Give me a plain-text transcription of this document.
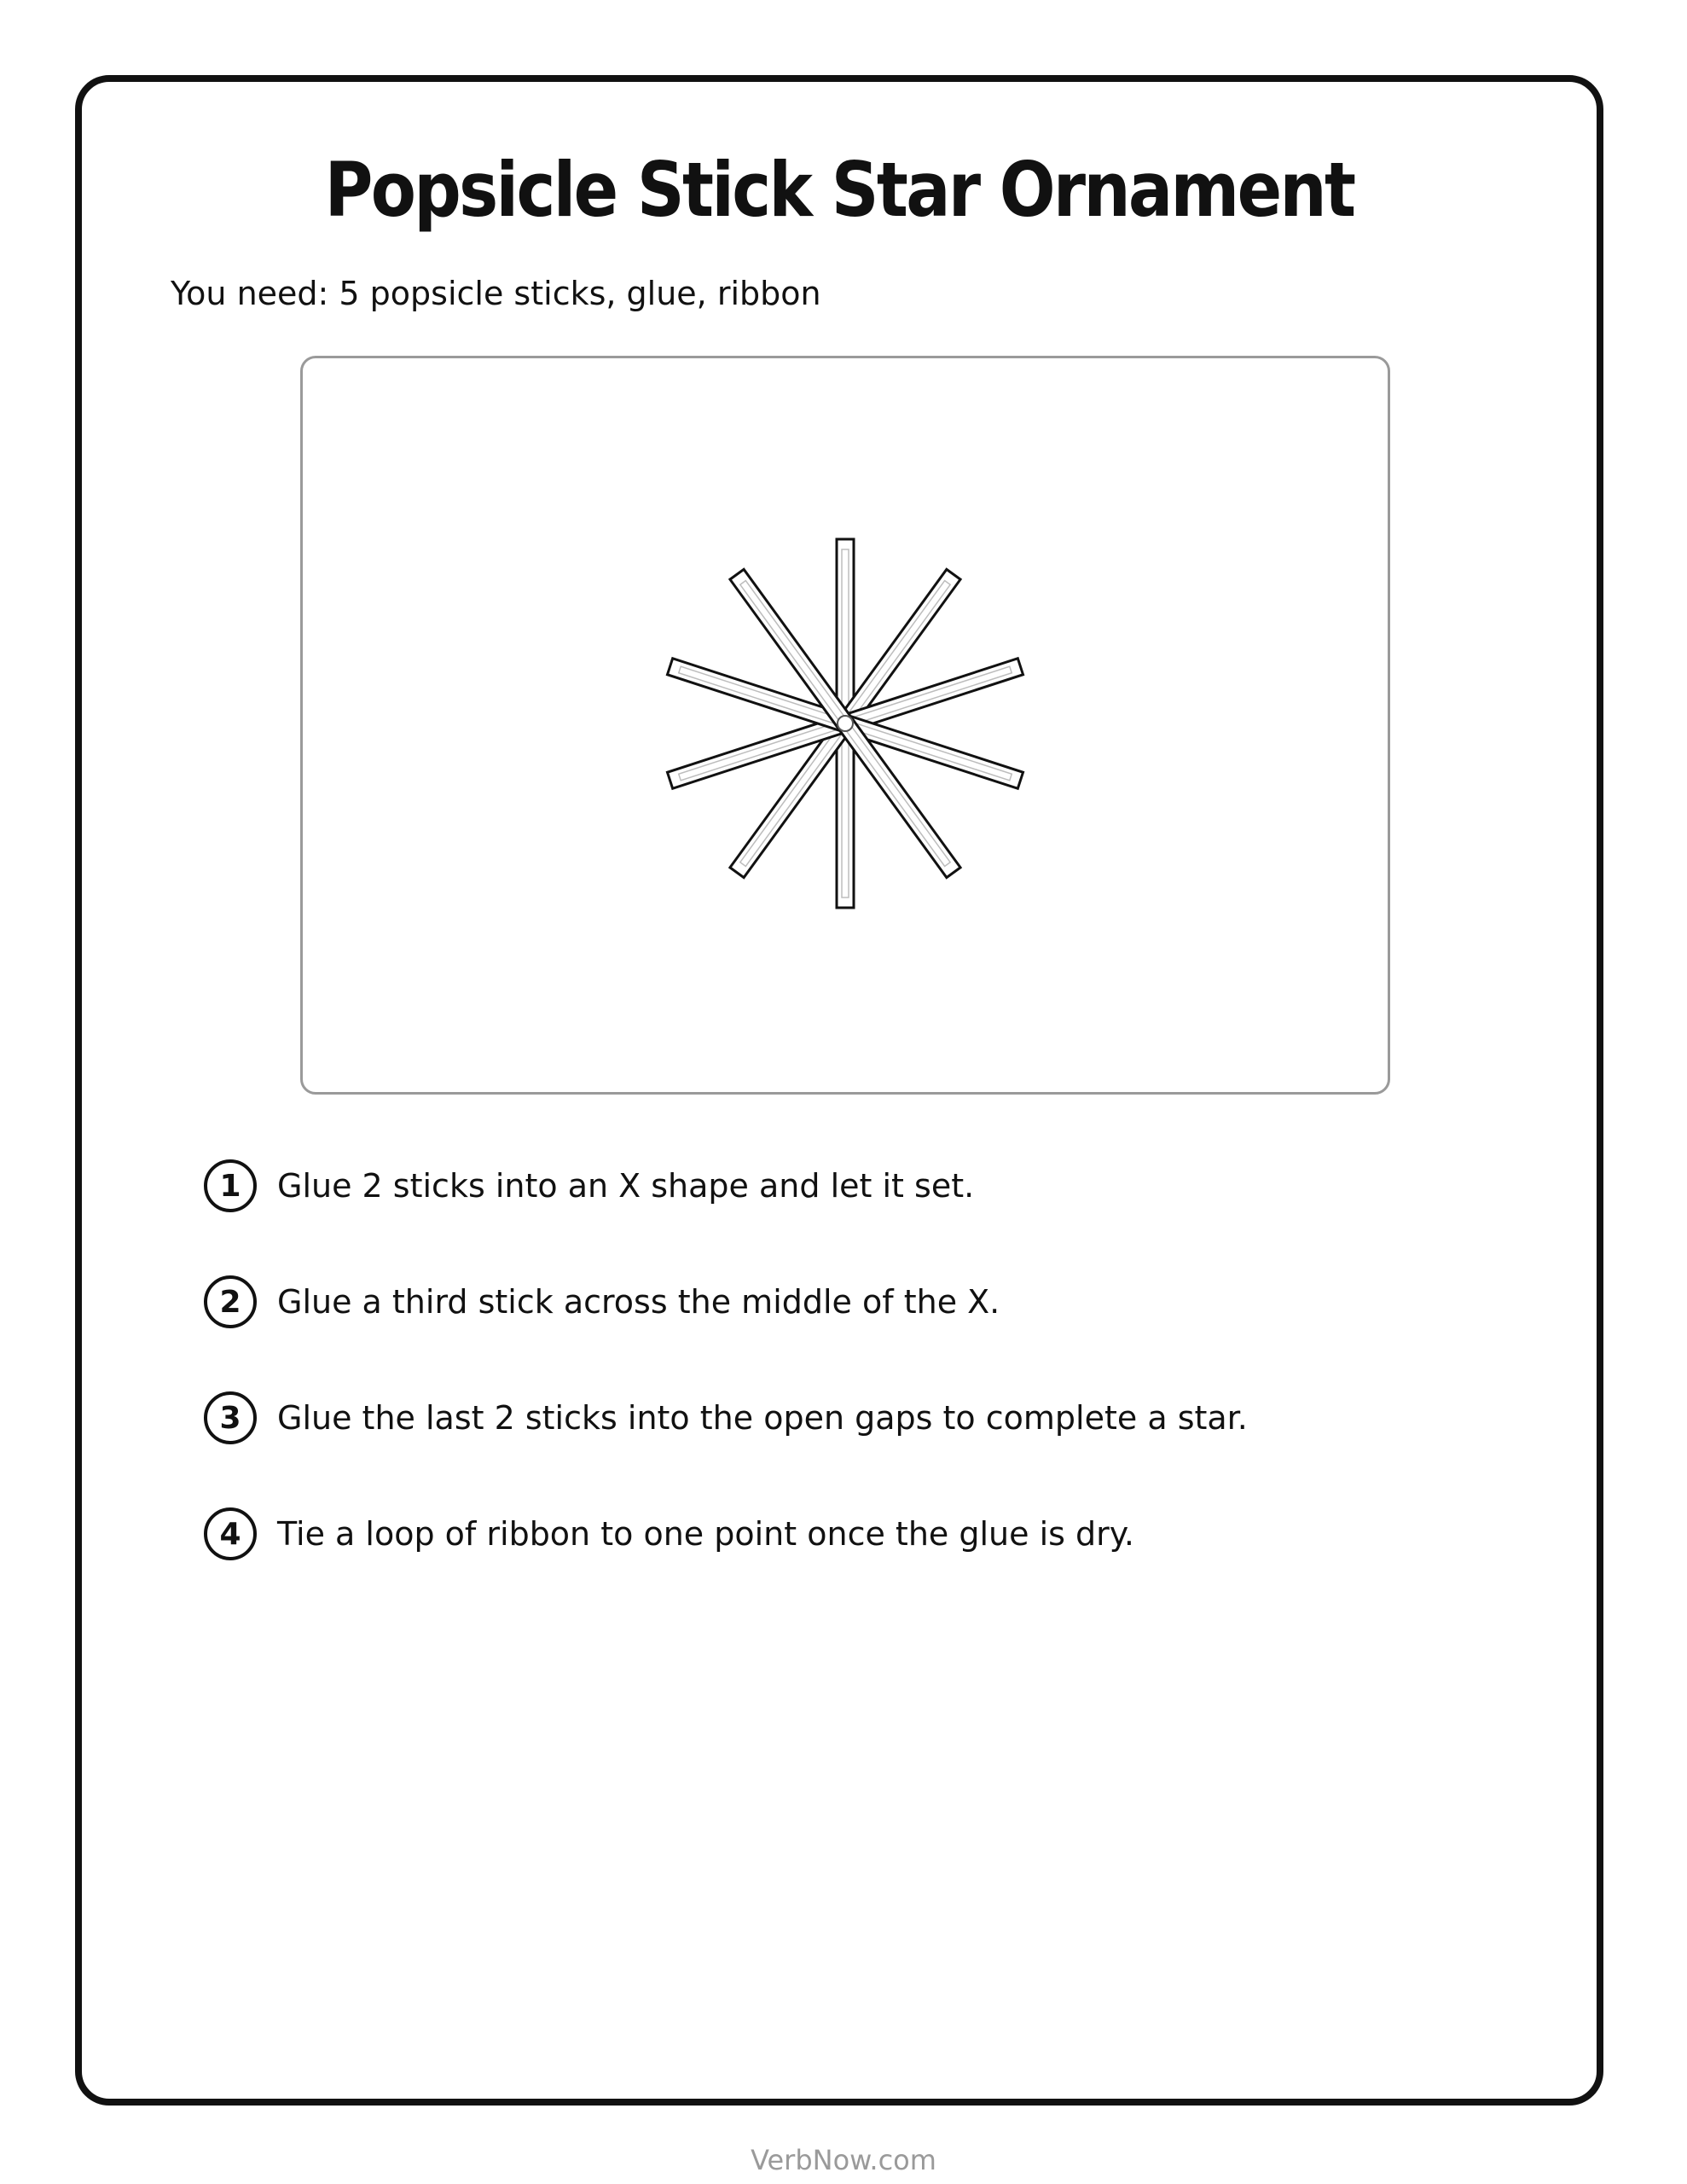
Popsicle Stick Star Ornament

You need: 5 popsicle sticks, glue, ribbon

1	Glue 2 sticks into an X shape and let it set.
2	Glue a third stick across the middle of the X.
3	Glue the last 2 sticks into the open gaps to complete a star.
4	Tie a loop of ribbon to one point once the glue is dry.
VerbNow.com
